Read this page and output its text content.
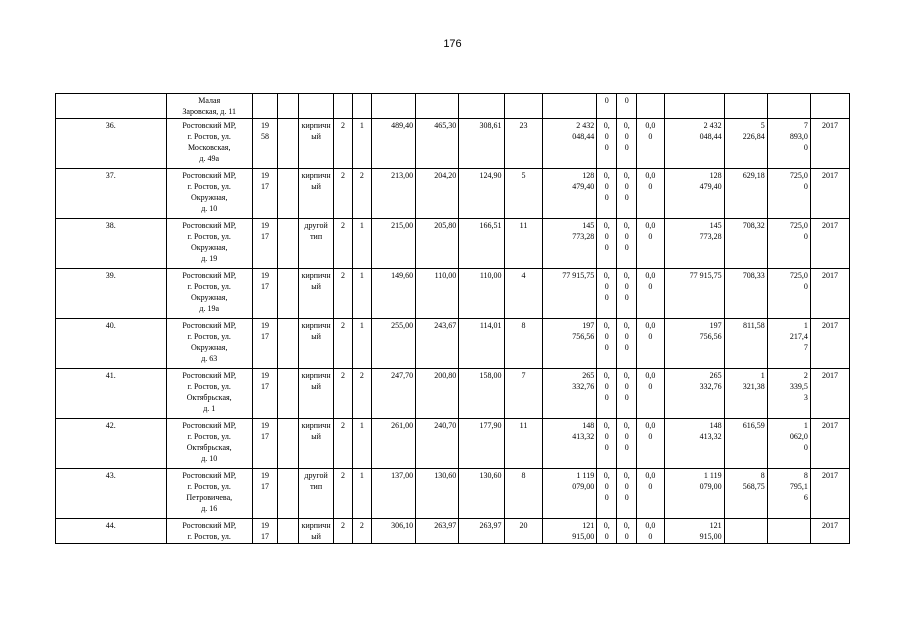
176
	Малая
Заровская, д. 11											0	0					
36.	Ростовский МР,
г. Ростов, ул.
Московская,
д. 49а	19
58		кирпичн
ый	2	1	489,40	465,30	308,61	23	2 432
048,44	0,
0
0	0,
0
0	0,0
0	2 432
048,44	5
226,84	7
893,0
0	2017
37.	Ростовский МР,
г. Ростов, ул.
Окружная,
д. 10	19
17		кирпичн
ый	2	2	213,00	204,20	124,90	5	128
479,40	0,
0
0	0,
0
0	0,0
0	128
479,40	629,18	725,0
0	2017
38.	Ростовский МР,
г. Ростов, ул.
Окружная,
д. 19	19
17		другой
тип	2	1	215,00	205,80	166,51	11	145
773,28	0,
0
0	0,
0
0	0,0
0	145
773,28	708,32	725,0
0	2017
39.	Ростовский МР,
г. Ростов, ул.
Окружная,
д. 19а	19
17		кирпичн
ый	2	1	149,60	110,00	110,00	4	77 915,75	0,
0
0	0,
0
0	0,0
0	77 915,75	708,33	725,0
0	2017
40.	Ростовский МР,
г. Ростов, ул.
Окружная,
д. 63	19
17		кирпичн
ый	2	1	255,00	243,67	114,01	8	197
756,56	0,
0
0	0,
0
0	0,0
0	197
756,56	811,58	1
217,4
7	2017
41.	Ростовский МР,
г. Ростов, ул.
Октябрьская,
д. 1	19
17		кирпичн
ый	2	2	247,70	200,80	158,00	7	265
332,76	0,
0
0	0,
0
0	0,0
0	265
332,76	1
321,38	2
339,5
3	2017
42.	Ростовский МР,
г. Ростов, ул.
Октябрьская,
д. 10	19
17		кирпичн
ый	2	1	261,00	240,70	177,90	11	148
413,32	0,
0
0	0,
0
0	0,0
0	148
413,32	616,59	1
062,0
0	2017
43.	Ростовский МР,
г. Ростов, ул.
Петровичева,
д. 16	19
17		другой
тип	2	1	137,00	130,60	130,60	8	1 119
079,00	0,
0
0	0,
0
0	0,0
0	1 119
079,00	8
568,75	8
795,1
6	2017
44.	Ростовский МР,
г. Ростов, ул.	19
17		кирпичн
ый	2	2	306,10	263,97	263,97	20	121
915,00	0,
0	0,
0	0,0
0	121
915,00			2017
